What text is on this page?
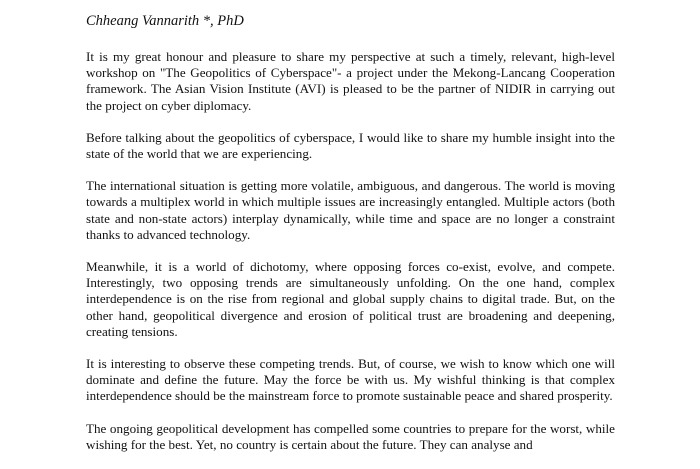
Chheang Vannarith *, PhD

It is my great honour and pleasure to share my perspective at such a timely, relevant, high-level workshop on "The Geopolitics of Cyberspace"- a project under the Mekong-Lancang Cooperation framework. The Asian Vision Institute (AVI) is pleased to be the partner of NIDIR in carrying out the project on cyber diplomacy.

Before talking about the geopolitics of cyberspace, I would like to share my humble insight into the state of the world that we are experiencing.

The international situation is getting more volatile, ambiguous, and dangerous. The world is moving towards a multiplex world in which multiple issues are increasingly entangled. Multiple actors (both state and non-state actors) interplay dynamically, while time and space are no longer a constraint thanks to advanced technology.

Meanwhile, it is a world of dichotomy, where opposing forces co-exist, evolve, and compete. Interestingly, two opposing trends are simultaneously unfolding. On the one hand, complex interdependence is on the rise from regional and global supply chains to digital trade. But, on the other hand, geopolitical divergence and erosion of political trust are broadening and deepening, creating tensions.

It is interesting to observe these competing trends. But, of course, we wish to know which one will dominate and define the future. May the force be with us. My wishful thinking is that complex interdependence should be the mainstream force to promote sustainable peace and shared prosperity.

The ongoing geopolitical development has compelled some countries to prepare for the worst, while wishing for the best. Yet, no country is certain about the future. They can analyse and
